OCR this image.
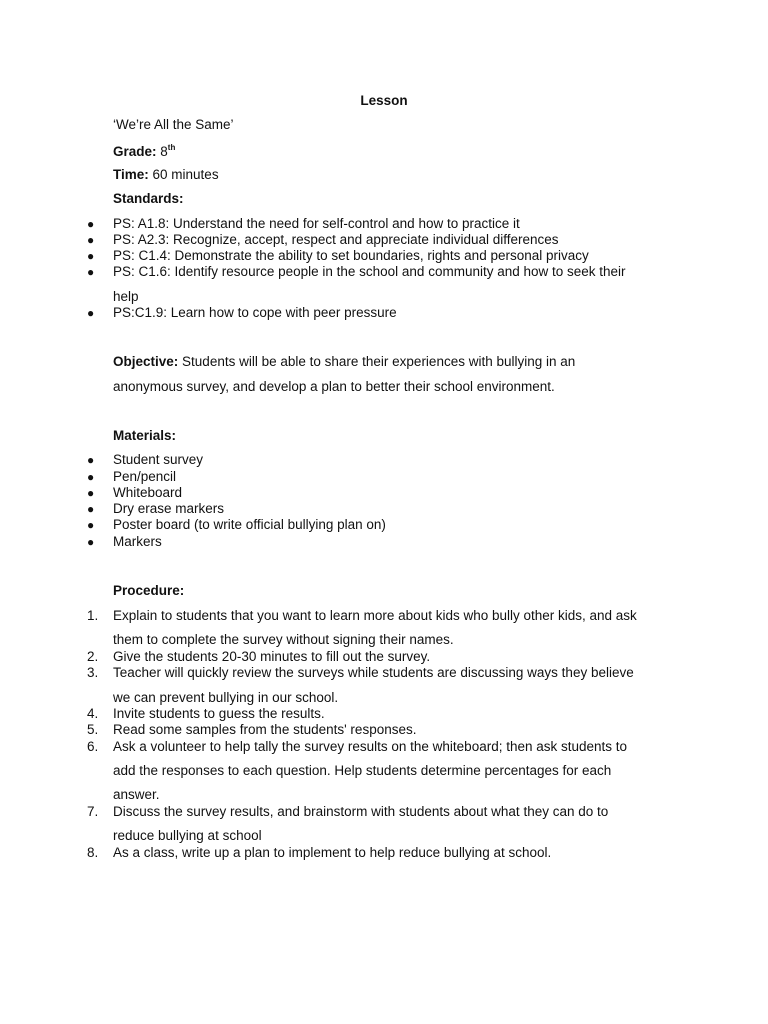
Lesson
‘We’re All the Same’
Grade: 8th
Time: 60 minutes
Standards:
● PS: A1.8: Understand the need for self-control and how to practice it
● PS: A2.3: Recognize, accept, respect and appreciate individual differences
● PS: C1.4: Demonstrate the ability to set boundaries, rights and personal privacy
● PS: C1.6: Identify resource people in the school and community and how to seek their
help
● PS:C1.9: Learn how to cope with peer pressure
Objective: Students will be able to share their experiences with bullying in an
anonymous survey, and develop a plan to better their school environment.
Materials:
● Student survey
● Pen/pencil
● Whiteboard
● Dry erase markers
● Poster board (to write official bullying plan on)
● Markers
Procedure:
1. Explain to students that you want to learn more about kids who bully other kids, and ask
them to complete the survey without signing their names.
2. Give the students 20-30 minutes to fill out the survey.
3. Teacher will quickly review the surveys while students are discussing ways they believe
we can prevent bullying in our school.
4. Invite students to guess the results.
5. Read some samples from the students' responses.
6. Ask a volunteer to help tally the survey results on the whiteboard; then ask students to
add the responses to each question. Help students determine percentages for each
answer.
7. Discuss the survey results, and brainstorm with students about what they can do to
reduce bullying at school
8. As a class, write up a plan to implement to help reduce bullying at school.
